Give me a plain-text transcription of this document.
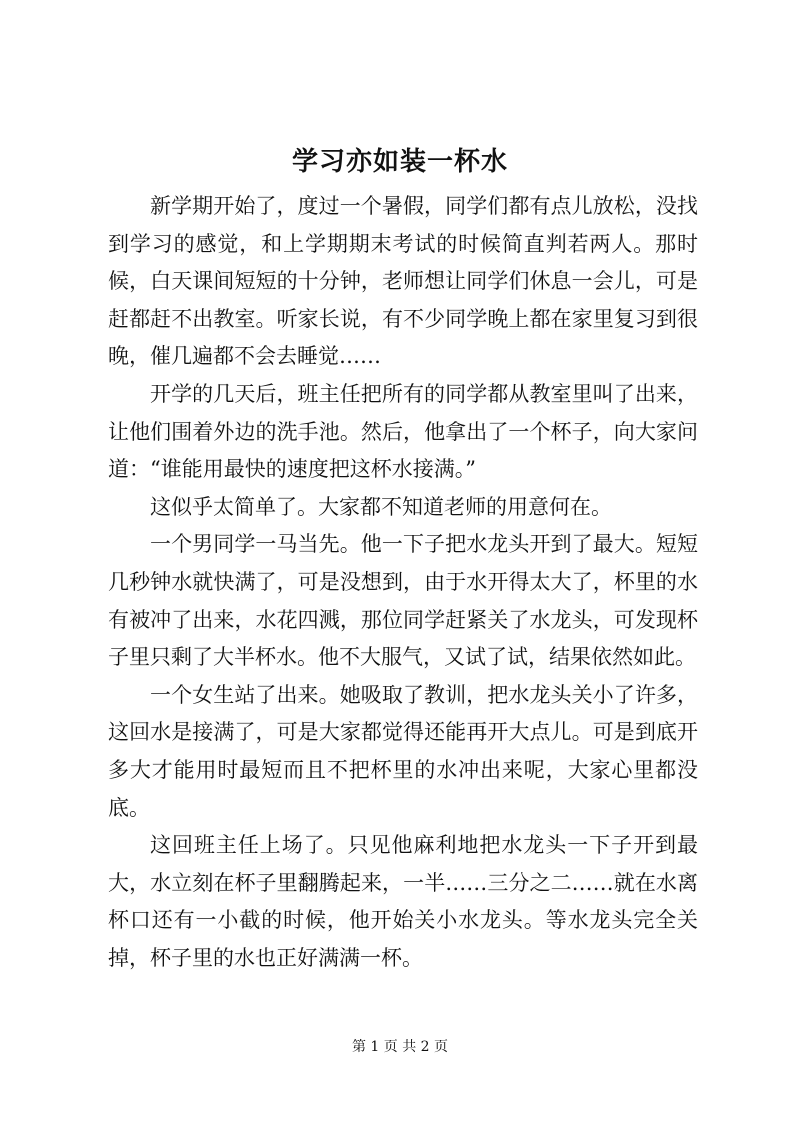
学习亦如装一杯水

新学期开始了，度过一个暑假，同学们都有点儿放松，没找到学习的感觉，和上学期期末考试的时候简直判若两人。那时候，白天课间短短的十分钟，老师想让同学们休息一会儿，可是赶都赶不出教室。听家长说，有不少同学晚上都在家里复习到很晚，催几遍都不会去睡觉……

开学的几天后，班主任把所有的同学都从教室里叫了出来，让他们围着外边的洗手池。然后，他拿出了一个杯子，向大家问道：“谁能用最快的速度把这杯水接满。”

这似乎太简单了。大家都不知道老师的用意何在。

一个男同学一马当先。他一下子把水龙头开到了最大。短短几秒钟水就快满了，可是没想到，由于水开得太大了，杯里的水有被冲了出来，水花四溅，那位同学赶紧关了水龙头，可发现杯子里只剩了大半杯水。他不大服气，又试了试，结果依然如此。

一个女生站了出来。她吸取了教训，把水龙头关小了许多，这回水是接满了，可是大家都觉得还能再开大点儿。可是到底开多大才能用时最短而且不把杯里的水冲出来呢，大家心里都没底。

这回班主任上场了。只见他麻利地把水龙头一下子开到最大，水立刻在杯子里翻腾起来，一半……三分之二……就在水离杯口还有一小截的时候，他开始关小水龙头。等水龙头完全关掉，杯子里的水也正好满满一杯。

第 1 页 共 2 页
